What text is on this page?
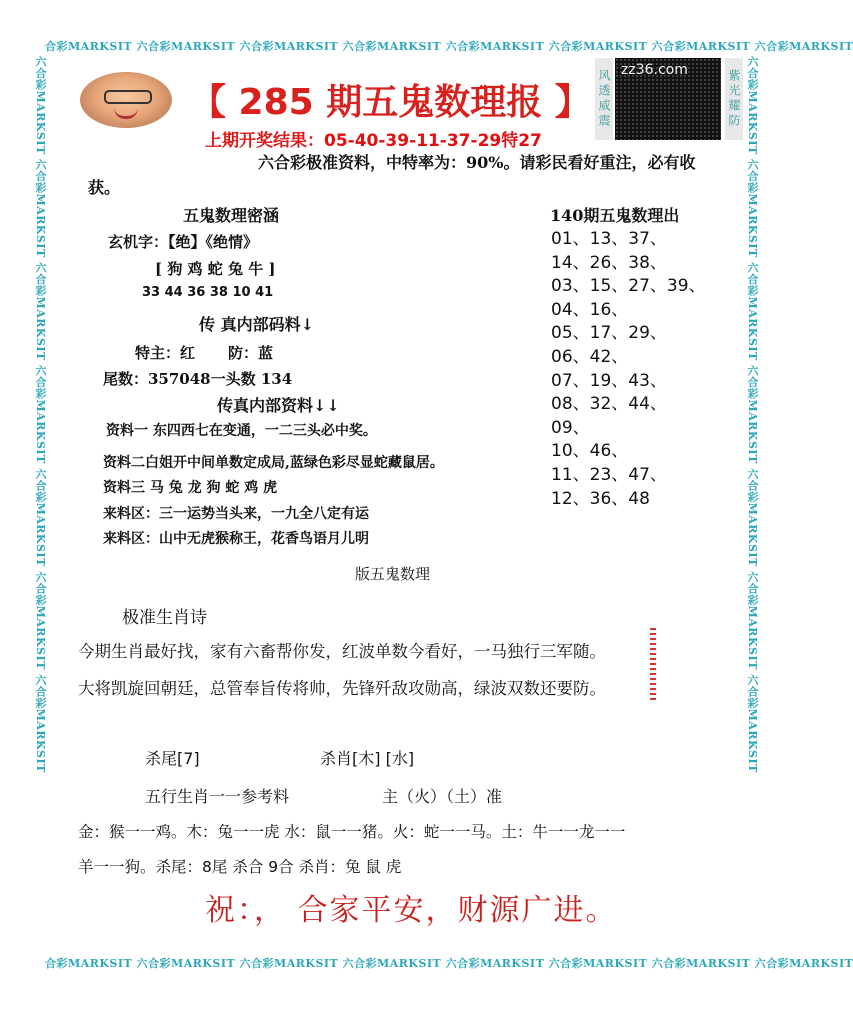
合彩MARKSIT 六合彩MARKSIT 六合彩MARKSIT 六合彩MARKSIT 六合彩MARKSIT 六合彩MARKSIT 六合彩MARKSIT 六合彩MARKSIT
合彩MARKSIT 六合彩MARKSIT 六合彩MARKSIT 六合彩MARKSIT 六合彩MARKSIT 六合彩MARKSIT 六合彩MARKSIT 六合彩MARKSIT
六合彩MARKSIT 六合彩MARKSIT 六合彩MARKSIT 六合彩MARKSIT 六合彩MARKSIT 六合彩MARKSIT 六合彩MARKSIT	六合彩MARKSIT 六合彩MARKSIT 六合彩MARKSIT 六合彩MARKSIT 六合彩MARKSIT 六合彩MARKSIT 六合彩MARKSIT
【 285 期五鬼数理报 】
上期开奖结果：05-40-39-11-37-29特27
风透威震 zz36.com	紫光耀防
六合彩极准资料，中特率为：90%。请彩民看好重注，必有收
获。
五鬼数理密涵
玄机字：【绝】《绝情》
[ 狗 鸡 蛇 兔 牛 ]
33 44 36 38 10 41
传 真内部码料↓
特主：红 防：蓝
尾数：357048一头数 134
传真内部资料↓↓
资料一 东四西七在变通，一二三头必中奖。
资料二白姐开中间单数定成局,蓝绿色彩尽显蛇藏鼠居。
资料三 马 兔 龙 狗 蛇 鸡 虎
来料区：三一运势当头来，一九全八定有运
来料区：山中无虎猴称王，花香鸟语月儿明
140期五鬼数理出
01、13、37、
14、26、38、
03、15、27、39、
04、16、
05、17、29、
06、42、
07、19、43、
08、32、44、
09、
10、46、
11、23、47、
12、36、48
版五鬼数理
极准生肖诗
今期生肖最好找，家有六畜帮你发，红波单数今看好，一马独行三军随。
大将凯旋回朝廷，总管奉旨传将帅，先锋歼敌攻勋高，绿波双数还要防。
杀尾[7]	杀肖[木] [水]
五行生肖一一参考料	主（火）（土）准
金：猴一一鸡。木：兔一一虎 水：鼠一一猪。火：蛇一一马。土：牛一一龙一一
羊一一狗。杀尾：8尾 杀合 9合 杀肖：兔 鼠 虎
祝：， 合家平安，财源广进。
